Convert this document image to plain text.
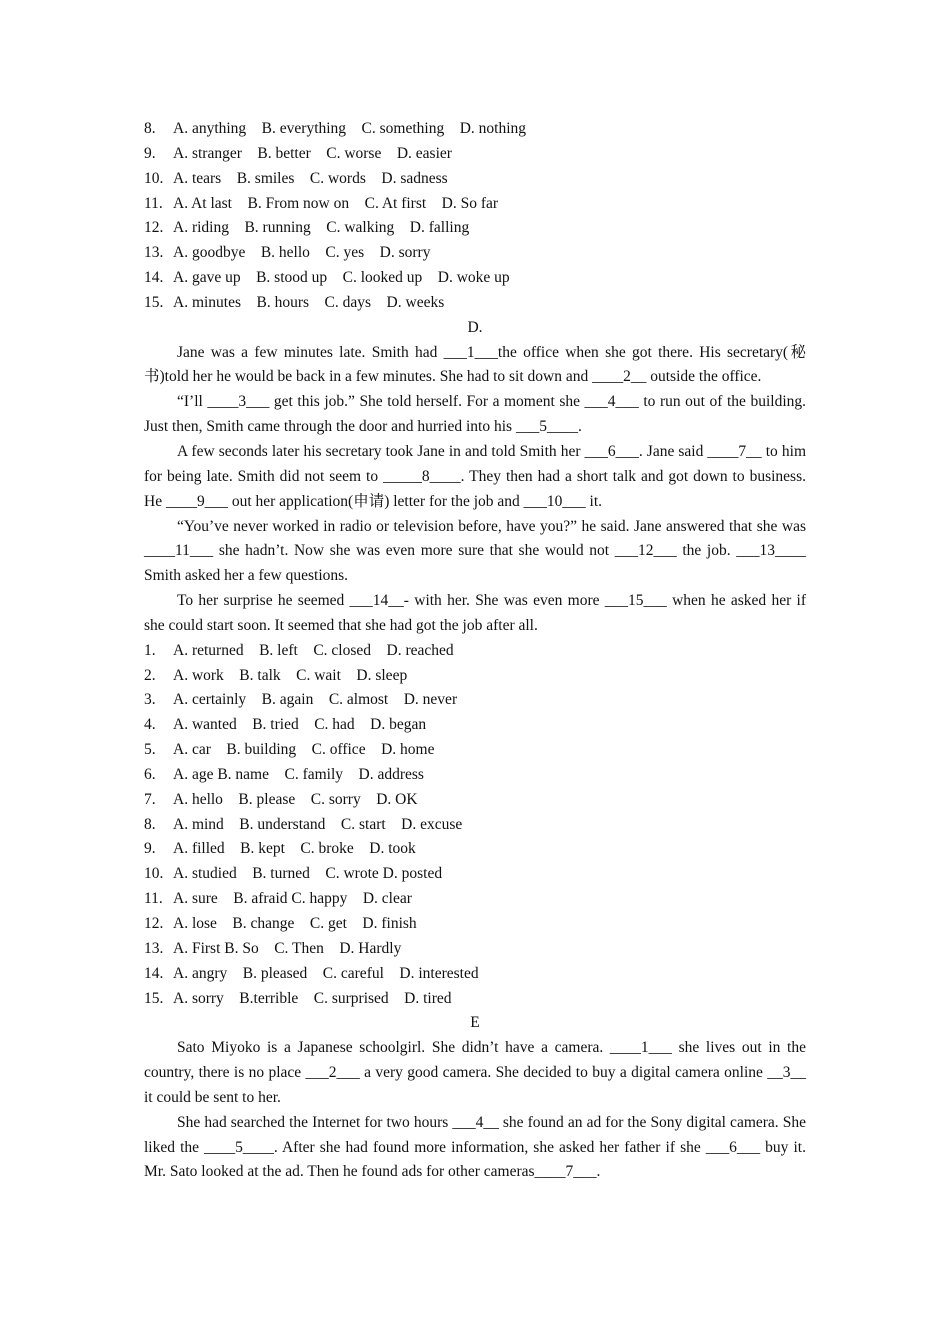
8.	A. anything    B. everything    C. something    D. nothing
9.	A. stranger    B. better    C. worse    D. easier
10. A. tears    B. smiles    C. words    D. sadness
11. A. At last    B. From now on    C. At first    D. So far
12. A. riding    B. running    C. walking    D. falling
13. A. goodbye    B. hello    C. yes    D. sorry
14. A. gave up    B. stood up    C. looked up    D. woke up
15. A. minutes    B. hours    C. days    D. weeks
D.
Jane was a few minutes late. Smith had ___1___the office when she got there. His secretary(秘书)told her he would be back in a few minutes. She had to sit down and ____2__ outside the office.
“I’ll ____3___ get this job.” She told herself. For a moment she ___4___ to run out of the building. Just then, Smith came through the door and hurried into his ___5____.
A few seconds later his secretary took Jane in and told Smith her ___6___. Jane said ____7__ to him for being late. Smith did not seem to _____8____. They then had a short talk and got down to business. He ____9___ out her application(申请) letter for the job and ___10___ it.
“You’ve never worked in radio or television before, have you?” he said. Jane answered that she was ____11___ she hadn’t. Now she was even more sure that she would not ___12___ the job. ___13____ Smith asked her a few questions.
To her surprise he seemed ___14__- with her. She was even more ___15___ when he asked her if she could start soon. It seemed that she had got the job after all.
1.	A. returned    B. left    C. closed    D. reached
2.	A. work    B. talk    C. wait    D. sleep
3.	A. certainly    B. again    C. almost    D. never
4.	A. wanted    B. tried    C. had    D. began
5.	A. car    B. building    C. office    D. home
6.	A. age B. name    C. family    D. address
7.	A. hello    B. please    C. sorry    D. OK
8.	A. mind    B. understand    C. start    D. excuse
9.	A. filled    B. kept    C. broke    D. took
10. A. studied    B. turned    C. wrote D. posted
11. A. sure    B. afraid C. happy    D. clear
12. A. lose    B. change    C. get    D. finish
13. A. First B. So    C. Then    D. Hardly
14. A. angry    B. pleased    C. careful    D. interested
15. A. sorry    B.terrible    C. surprised    D. tired
E
Sato Miyoko is a Japanese schoolgirl. She didn’t have a camera. ____1___ she lives out in the country, there is no place ___2___ a very good camera. She decided to buy a digital camera online __3__ it could be sent to her.
She had searched the Internet for two hours ___4__ she found an ad for the Sony digital camera. She liked the ____5____. After she had found more information, she asked her father if she ___6___ buy it. Mr. Sato looked at the ad. Then he found ads for other cameras____7___.
